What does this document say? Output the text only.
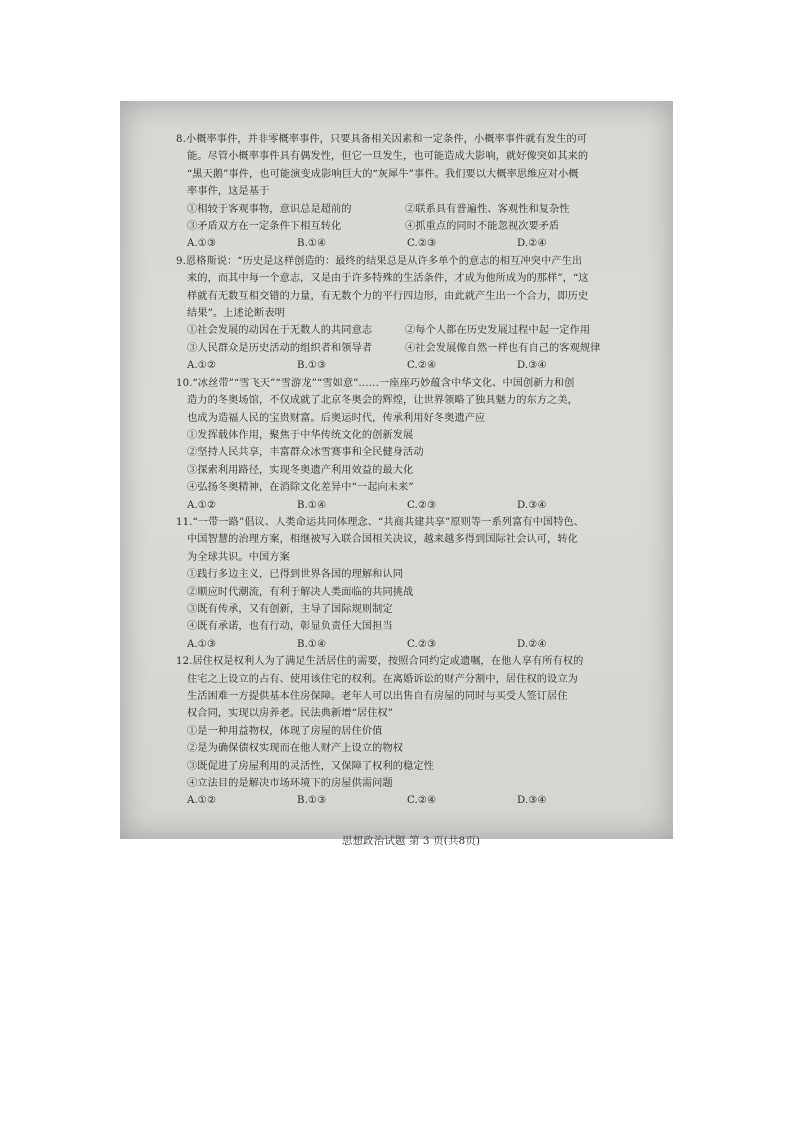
8.小概率事件，并非零概率事件，只要具备相关因素和一定条件，小概率事件就有发生的可
能。尽管小概率事件具有偶发性，但它一旦发生，也可能造成大影响，就好像突如其来的
“黑天鹅”事件，也可能演变成影响巨大的“灰犀牛”事件。我们要以大概率思维应对小概
率事件，这是基于
①相较于客观事物，意识总是超前的	②联系具有普遍性、客观性和复杂性
③矛盾双方在一定条件下相互转化	④抓重点的同时不能忽视次要矛盾
A.①③	B.①④	C.②③	D.②④
9.恩格斯说：“历史是这样创造的：最终的结果总是从许多单个的意志的相互冲突中产生出
来的，而其中每一个意志，又是由于许多特殊的生活条件，才成为他所成为的那样”，“这
样就有无数互相交错的力量，有无数个力的平行四边形，由此就产生出一个合力，即历史
结果”。上述论断表明
①社会发展的动因在于无数人的共同意志	②每个人都在历史发展过程中起一定作用
③人民群众是历史活动的组织者和领导者	④社会发展像自然一样也有自己的客观规律
A.①②	B.①③	C.②④	D.③④
10.“冰丝带”“雪飞天”“雪游龙”“雪如意”……一座座巧妙蕴含中华文化、中国创新力和创
造力的冬奥场馆，不仅成就了北京冬奥会的辉煌，让世界领略了独具魅力的东方之美，
也成为造福人民的宝贵财富。后奥运时代，传承利用好冬奥遗产应
①发挥载体作用，聚焦于中华传统文化的创新发展
②坚持人民共享，丰富群众冰雪赛事和全民健身活动
③探索利用路径，实现冬奥遗产利用效益的最大化
④弘扬冬奥精神，在消除文化差异中“一起向未来”
A.①②	B.①④	C.②③	D.③④
11.“一带一路”倡议、人类命运共同体理念、“共商共建共享”原则等一系列富有中国特色、
中国智慧的治理方案，相继被写入联合国相关决议，越来越多得到国际社会认可，转化
为全球共识。中国方案
①践行多边主义，已得到世界各国的理解和认同
②顺应时代潮流，有利于解决人类面临的共同挑战
③既有传承，又有创新，主导了国际规则制定
④既有承诺，也有行动，彰显负责任大国担当
A.①③	B.①④	C.②③	D.②④
12.居住权是权利人为了满足生活居住的需要，按照合同约定或遗嘱，在他人享有所有权的
住宅之上设立的占有、使用该住宅的权利。在离婚诉讼的财产分割中，居住权的设立为
生活困难一方提供基本住房保障。老年人可以出售自有房屋的同时与买受人签订居住
权合同，实现以房养老。民法典新增“居住权”
①是一种用益物权，体现了房屋的居住价值
②是为确保债权实现而在他人财产上设立的物权
③既促进了房屋利用的灵活性，又保障了权利的稳定性
④立法目的是解决市场环境下的房屋供需问题
A.①②	B.①③	C.②④	D.③④
思想政治试题 第 3 页(共8页)
